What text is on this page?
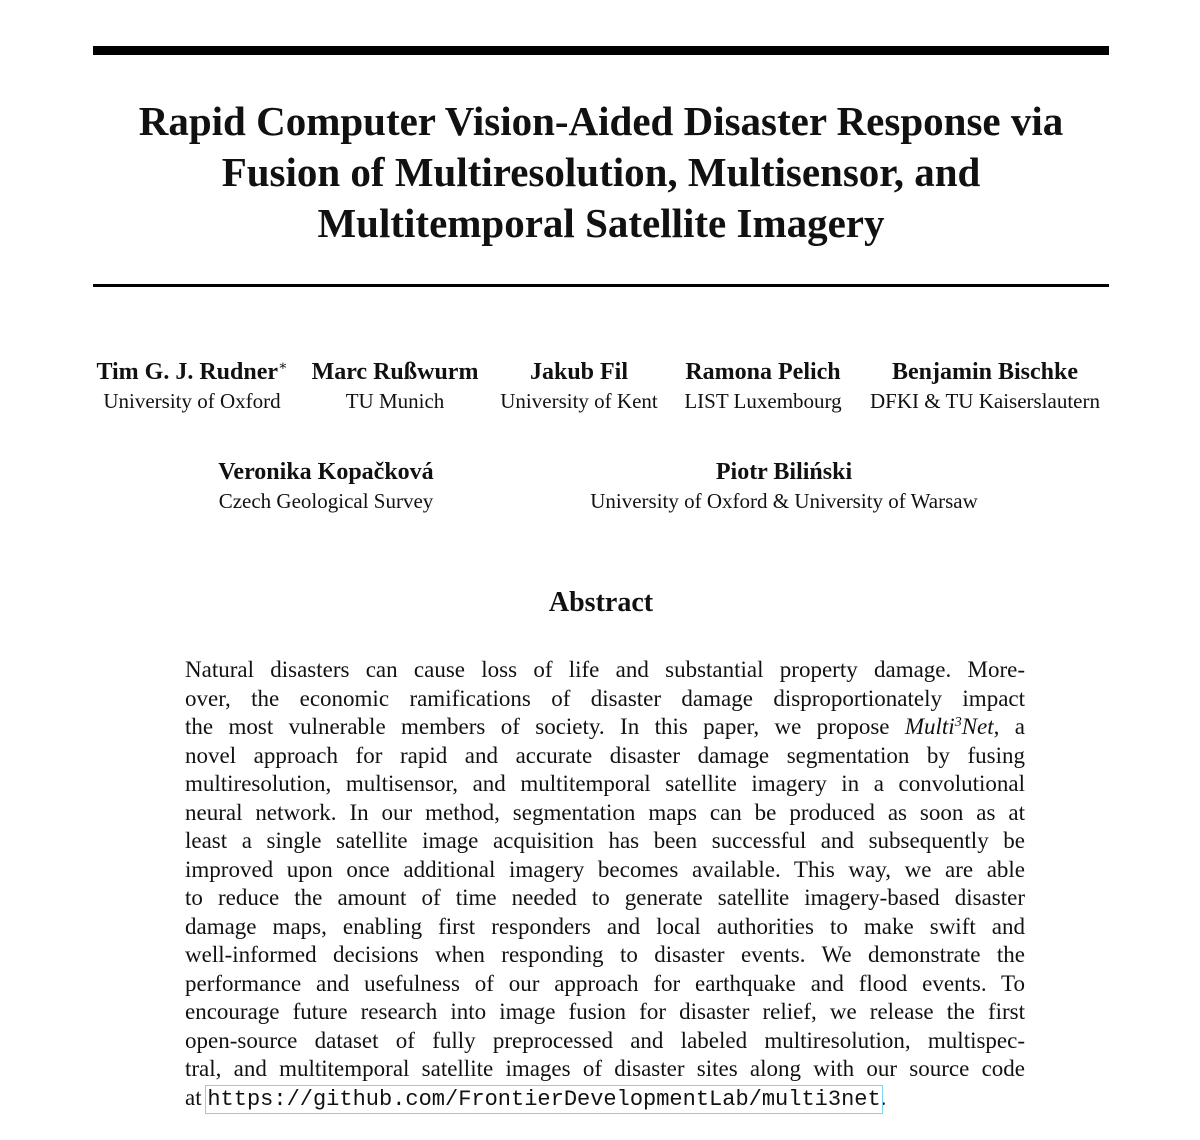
Rapid Computer Vision-Aided Disaster Response via
Fusion of Multiresolution, Multisensor, and
Multitemporal Satellite Imagery
Tim G. J. Rudner∗
University of Oxford
Marc Rußwurm
TU Munich
Jakub Fil
University of Kent
Ramona Pelich
LIST Luxembourg
Benjamin Bischke
DFKI & TU Kaiserslautern
Veronika Kopačková
Czech Geological Survey
Piotr Biliński
University of Oxford & University of Warsaw
Abstract
Natural disasters can cause loss of life and substantial property damage. More-
over, the economic ramifications of disaster damage disproportionately impact
the most vulnerable members of society. In this paper, we propose Multi$^3$Net, a
novel approach for rapid and accurate disaster damage segmentation by fusing
multiresolution, multisensor, and multitemporal satellite imagery in a convolutional
neural network. In our method, segmentation maps can be produced as soon as at
least a single satellite image acquisition has been successful and subsequently be
improved upon once additional imagery becomes available. This way, we are able
to reduce the amount of time needed to generate satellite imagery-based disaster
damage maps, enabling first responders and local authorities to make swift and
well-informed decisions when responding to disaster events. We demonstrate the
performance and usefulness of our approach for earthquake and flood events. To
encourage future research into image fusion for disaster relief, we release the first
open-source dataset of fully preprocessed and labeled multiresolution, multispec-
tral, and multitemporal satellite images of disaster sites along with our source code
at https://github.com/FrontierDevelopmentLab/multi3net.
